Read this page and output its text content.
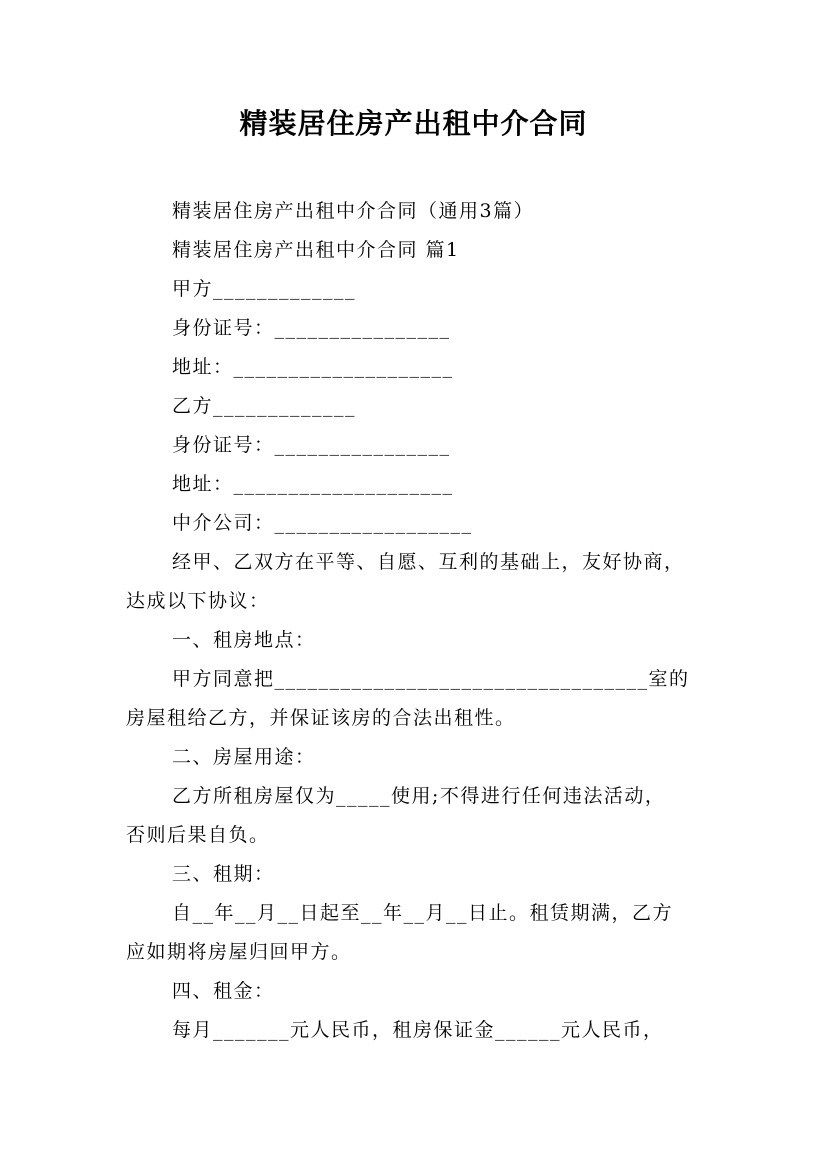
精装居住房产出租中介合同
精装居住房产出租中介合同（通用3篇）
精装居住房产出租中介合同 篇1
甲方_____________
身份证号：________________
地址：____________________
乙方_____________
身份证号：________________
地址：____________________
中介公司：__________________
经甲、乙双方在平等、自愿、互利的基础上，友好协商，
达成以下协议：
一、租房地点：
甲方同意把__________________________________室的
房屋租给乙方，并保证该房的合法出租性。
二、房屋用途：
乙方所租房屋仅为_____使用;不得进行任何违法活动，
否则后果自负。
三、租期：
自__年__月__日起至__年__月__日止。租赁期满，乙方
应如期将房屋归回甲方。
四、租金：
每月_______元人民币，租房保证金______元人民币，
